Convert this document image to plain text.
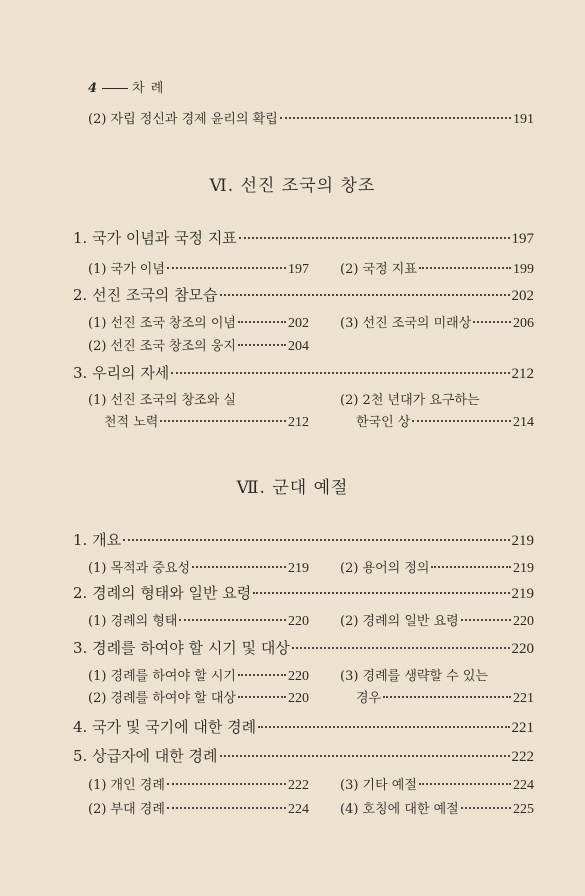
4	차 례
(2) 자립 정신과 경제 윤리의 확립	191
Ⅵ. 선진 조국의 창조
1. 국가 이념과 국정 지표	197
(1) 국가 이념	197 (2) 국정 지표	199
2. 선진 조국의 참모습	202
(1) 선진 조국 창조의 이념	202 (3) 선진 조국의 미래상	206
(2) 선진 조국 창조의 웅지	204
3. 우리의 자세	212
(1) 선진 조국의 창조와 실
천적 노력	212
(2) 2천 년대가 요구하는
한국인 상	214
Ⅶ. 군대 예절
1. 개요	219
(1) 목적과 중요성	219 (2) 용어의 정의	219
2. 경례의 형태와 일반 요령	219
(1) 경례의 형태	220 (2) 경례의 일반 요령	220
3. 경례를 하여야 할 시기 및 대상	220
(1) 경례를 하여야 할 시기	220 (3) 경례를 생략할 수 있는
경우	221
(2) 경례를 하여야 할 대상	220
4. 국가 및 국기에 대한 경례	221
5. 상급자에 대한 경례	222
(1) 개인 경례	222 (3) 기타 예절	224
(2) 부대 경례	224 (4) 호칭에 대한 예절	225
